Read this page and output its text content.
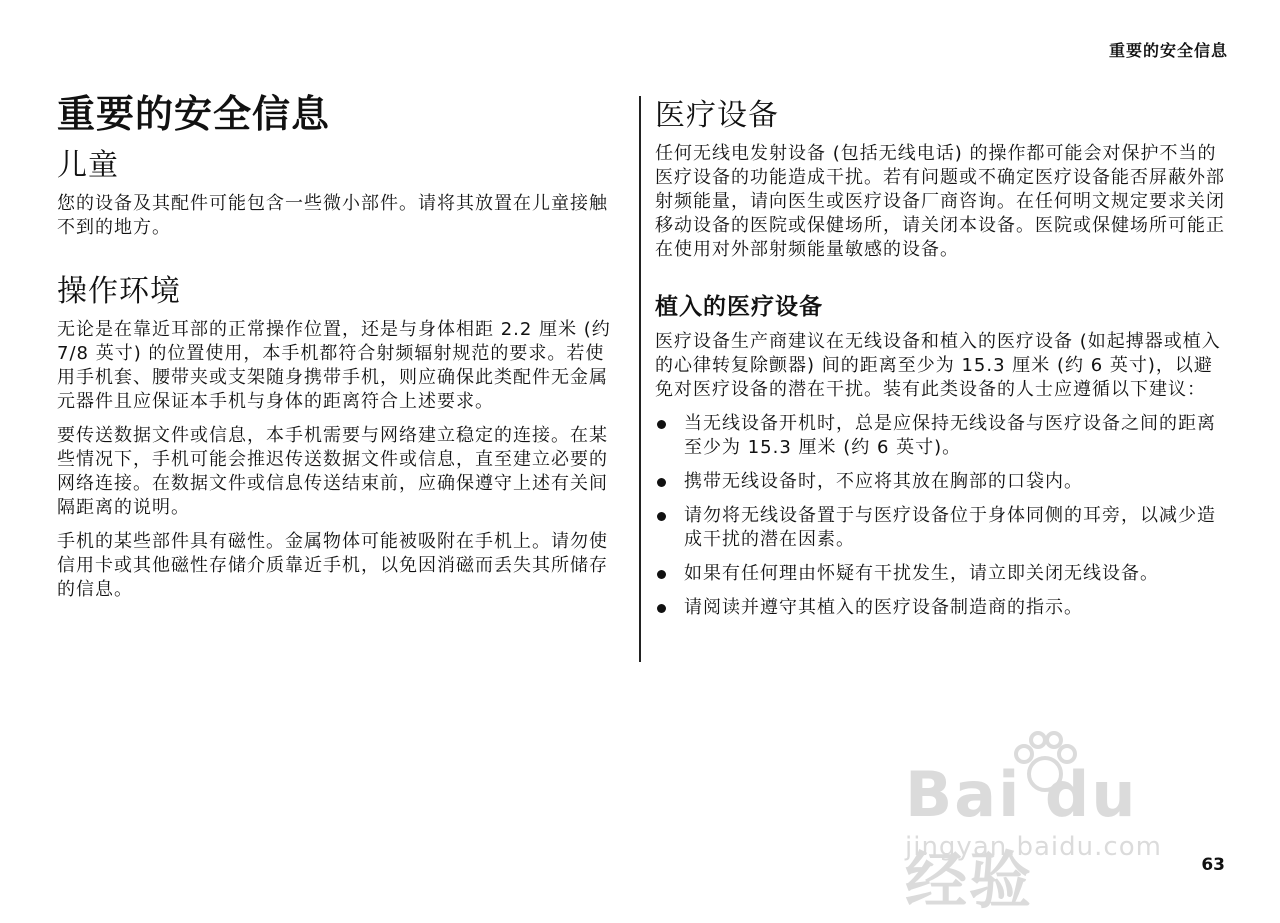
重要的安全信息
重要的安全信息
儿童

您的设备及其配件可能包含一些微小部件。请将其放置在儿童接触不到的地方。

操作环境

无论是在靠近耳部的正常操作位置，还是与身体相距 2.2 厘米 (约 7/8 英寸) 的位置使用，本手机都符合射频辐射规范的要求。若使用手机套、腰带夹或支架随身携带手机，则应确保此类配件无金属元器件且应保证本手机与身体的距离符合上述要求。

要传送数据文件或信息，本手机需要与网络建立稳定的连接。在某些情况下，手机可能会推迟传送数据文件或信息，直至建立必要的网络连接。在数据文件或信息传送结束前，应确保遵守上述有关间隔距离的说明。

手机的某些部件具有磁性。金属物体可能被吸附在手机上。请勿使信用卡或其他磁性存储介质靠近手机，以免因消磁而丢失其所储存的信息。

医疗设备

任何无线电发射设备 (包括无线电话) 的操作都可能会对保护不当的医疗设备的功能造成干扰。若有问题或不确定医疗设备能否屏蔽外部射频能量，请向医生或医疗设备厂商咨询。在任何明文规定要求关闭移动设备的医院或保健场所，请关闭本设备。医院或保健场所可能正在使用对外部射频能量敏感的设备。

植入的医疗设备

医疗设备生产商建议在无线设备和植入的医疗设备 (如起搏器或植入的心律转复除颤器) 间的距离至少为 15.3 厘米 (约 6 英寸)，以避免对医疗设备的潜在干扰。装有此类设备的人士应遵循以下建议：

当无线设备开机时，总是应保持无线设备与医疗设备之间的距离至少为 15.3 厘米 (约 6 英寸)。
携带无线设备时，不应将其放在胸部的口袋内。
请勿将无线设备置于与医疗设备位于身体同侧的耳旁，以减少造成干扰的潜在因素。
如果有任何理由怀疑有干扰发生，请立即关闭无线设备。
请阅读并遵守其植入的医疗设备制造商的指示。
Bai du 经验
jingyan.baidu.com
63
